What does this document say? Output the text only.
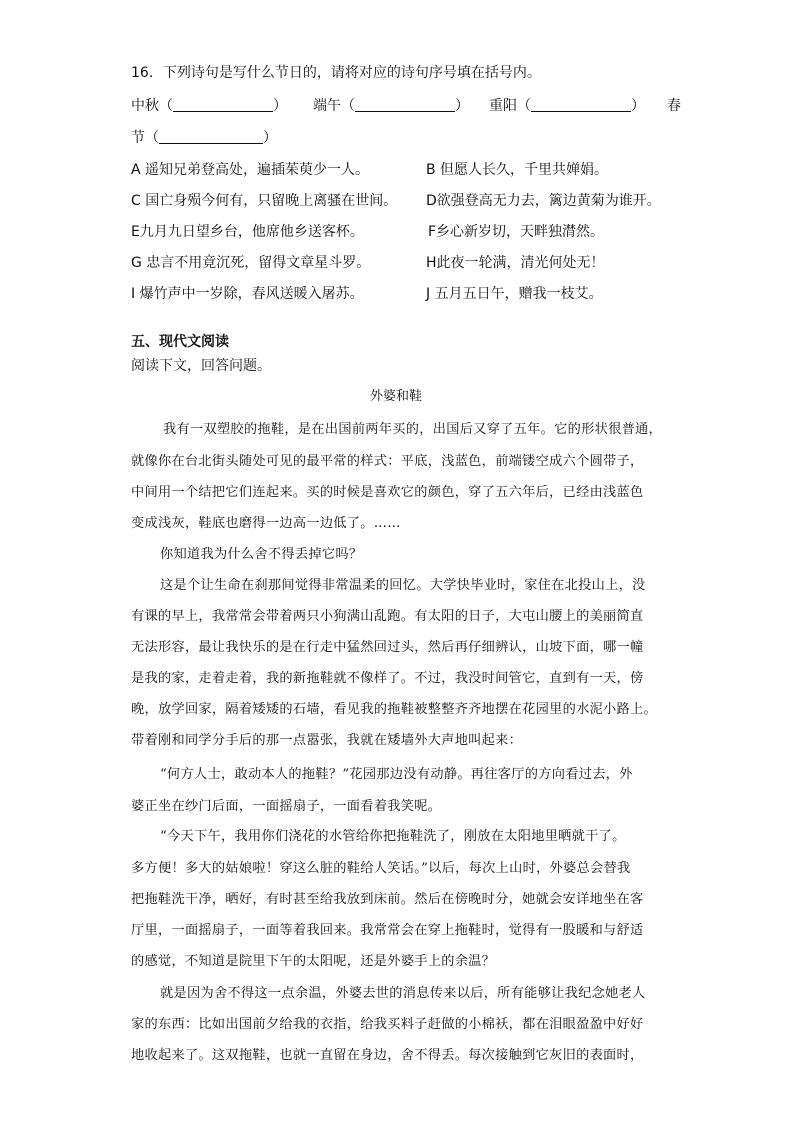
16．下列诗句是写什么节日的，请将对应的诗句序号填在括号内。
中秋（	） 端午（	） 重阳（	） 春
节（	）
A 遥知兄弟登高处，遍插茱萸少一人。	B 但愿人长久，千里共婵娟。
C 国亡身殒今何有，只留晚上离骚在世间。 D欲强登高无力去，篱边黄菊为谁开。
E九月九日望乡台，他席他乡送客杯。	F乡心新岁切，天畔独潸然。
G 忠言不用竟沉死，留得文章星斗罗。	H此夜一轮满，清光何处无！
I 爆竹声中一岁除，春风送暖入屠苏。	J 五月五日午，赠我一枝艾。
五、现代文阅读
阅读下文，回答问题。
外婆和鞋
我有一双塑胶的拖鞋，是在出国前两年买的，出国后又穿了五年。它的形状很普通，
就像你在台北街头随处可见的最平常的样式：平底，浅蓝色，前端镂空成六个圆带子，
中间用一个结把它们连起来。买的时候是喜欢它的颜色，穿了五六年后，已经由浅蓝色
变成浅灰，鞋底也磨得一边高一边低了。……
你知道我为什么舍不得丢掉它吗？
这是个让生命在刹那间觉得非常温柔的回忆。大学快毕业时，家住在北投山上，没
有课的早上，我常常会带着两只小狗满山乱跑。有太阳的日子，大屯山腰上的美丽简直
无法形容，最让我快乐的是在行走中猛然回过头，然后再仔细辨认，山坡下面，哪一幢
是我的家，走着走着，我的新拖鞋就不像样了。不过，我没时间管它，直到有一天，傍
晚，放学回家，隔着矮矮的石墙，看见我的拖鞋被整整齐齐地摆在花园里的水泥小路上。
带着刚和同学分手后的那一点嚣张，我就在矮墙外大声地叫起来：
“何方人士，敢动本人的拖鞋？”花园那边没有动静。再往客厅的方向看过去，外
婆正坐在纱门后面，一面摇扇子，一面看着我笑呢。
“今天下午，我用你们浇花的水管给你把拖鞋洗了，刚放在太阳地里晒就干了。
多方便！多大的姑娘啦！穿这么脏的鞋给人笑话。”以后，每次上山时，外婆总会替我
把拖鞋洗干净，晒好，有时甚至给我放到床前。然后在傍晚时分，她就会安详地坐在客
厅里，一面摇扇子，一面等着我回来。我常常会在穿上拖鞋时，觉得有一股暖和与舒适
的感觉，不知道是院里下午的太阳呢，还是外婆手上的余温？
就是因为舍不得这一点余温，外婆去世的消息传来以后，所有能够让我纪念她老人
家的东西：比如出国前夕给我的衣指，给我买料子赶做的小棉袄，都在泪眼盈盈中好好
地收起来了。这双拖鞋，也就一直留在身边，舍不得丢。每次接触到它灰旧的表面时，
